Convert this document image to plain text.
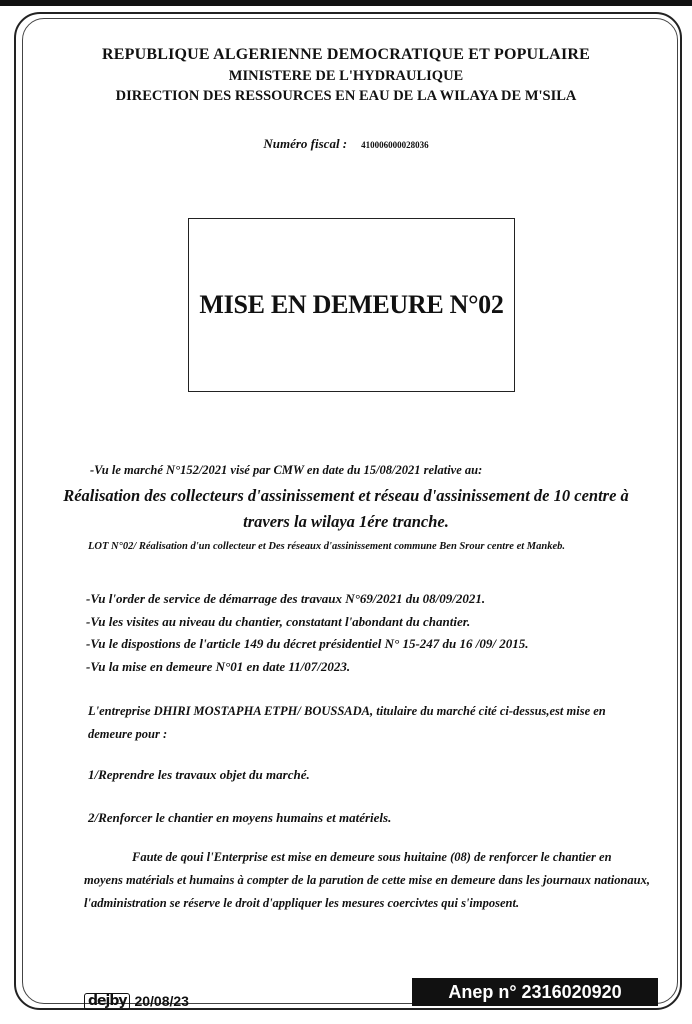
REPUBLIQUE ALGERIENNE DEMOCRATIQUE ET POPULAIRE
MINISTERE DE L'HYDRAULIQUE
DIRECTION DES RESSOURCES EN EAU DE LA WILAYA DE M'SILA
Numéro fiscal : 410006000028036
MISE EN DEMEURE N°02
-Vu le marché N°152/2021 visé par CMW en date du 15/08/2021 relative au:
Réalisation des collecteurs d'assinissement et réseau d'assinissement de 10 centre à
travers la wilaya 1ére tranche.
LOT N°02/ Réalisation d'un collecteur et Des réseaux d'assinissement commune Ben Srour centre et Mankeb.
-Vu l'order de service de démarrage des travaux N°69/2021 du 08/09/2021.
-Vu les visites au niveau du chantier, constatant l'abondant du chantier.
-Vu le dispostions de l'article 149 du décret présidentiel N° 15-247 du 16 /09/ 2015.
-Vu la mise en demeure N°01 en date 11/07/2023.
L'entreprise DHIRI MOSTAPHA ETPH/ BOUSSADA, titulaire du marché cité ci-dessus,est mise en demeure pour :
1/Reprendre les travaux objet du marché.
2/Renforcer le chantier en moyens humains et matériels.
Faute de qoui l'Enterprise est mise en demeure sous huitaine (08) de renforcer le chantier en moyens matérials et humains à compter de la parution de cette mise en demeure dans les journaux nationaux, l'administration se réserve le droit d'appliquer les mesures coercivtes qui s'imposent.
dejby 20/08/23	Anep n° 2316020920
